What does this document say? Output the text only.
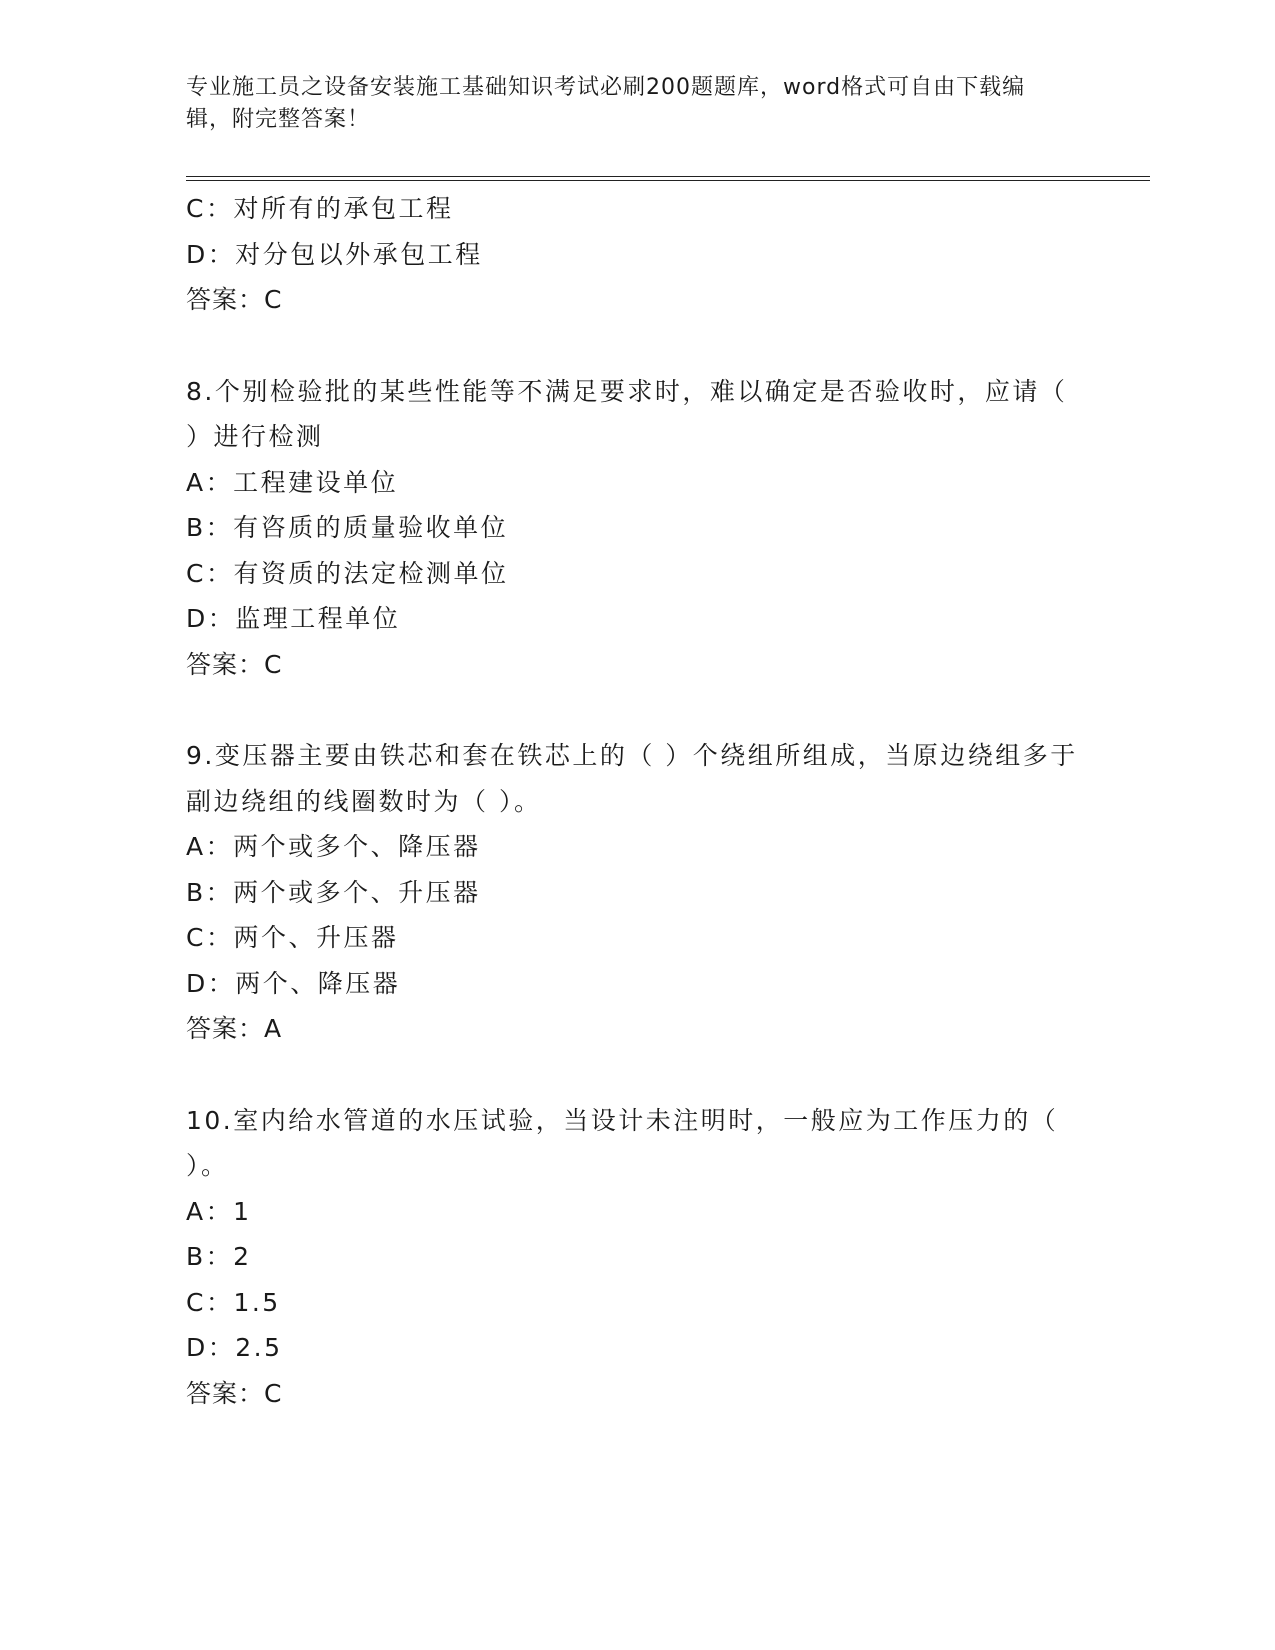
专业施工员之设备安装施工基础知识考试必刷200题题库，word格式可自由下载编辑，附完整答案！
C：对所有的承包工程
D：对分包以外承包工程
答案：C
8.个别检验批的某些性能等不满足要求时，难以确定是否验收时，应请（ ）进行检测
A：工程建设单位
B：有咨质的质量验收单位
C：有资质的法定检测单位
D：监理工程单位
答案：C
9.变压器主要由铁芯和套在铁芯上的（ ）个绕组所组成，当原边绕组多于副边绕组的线圈数时为（ ）。
A：两个或多个、降压器
B：两个或多个、升压器
C：两个、升压器
D：两个、降压器
答案：A
10.室内给水管道的水压试验，当设计未注明时，一般应为工作压力的（ ）。
A：1
B：2
C：1.5
D：2.5
答案：C
